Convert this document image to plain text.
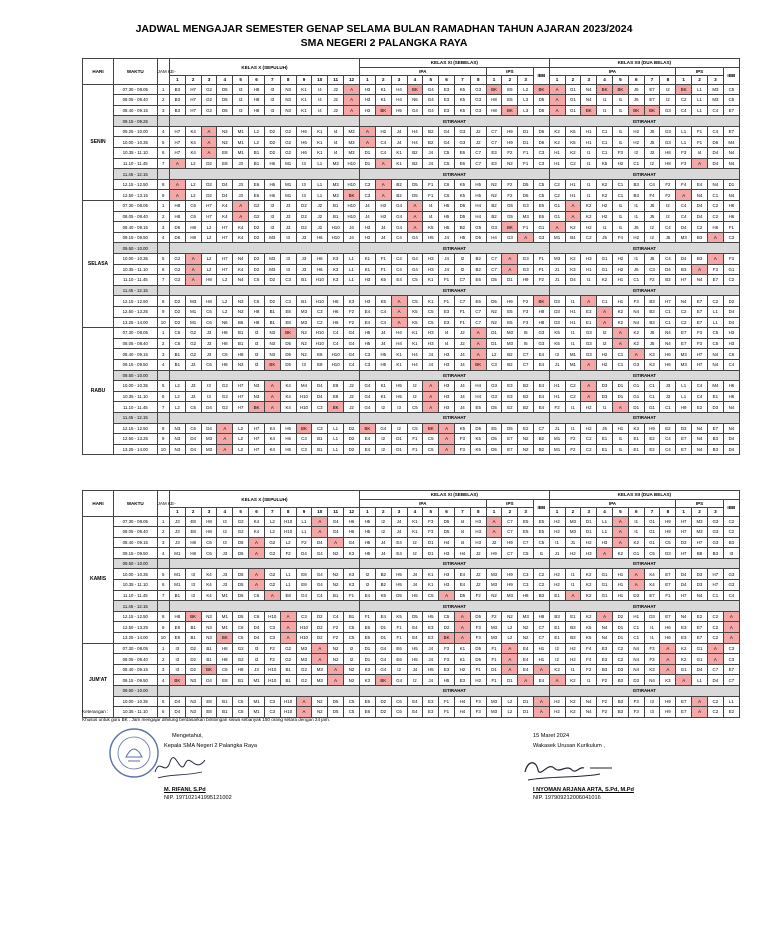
JADWAL MENGAJAR SEMESTER GENAP SELAMA BULAN RAMADHAN TAHUN AJARAN 2023/2024
SMA NEGERI 2 PALANGKA RAYA
HARI	WAKTU	JAM KE-	KELAS X (SEPULUH)												KELAS XI (SEBELAS)												KELAS XII (DUA BELAS)											
															IPA								IPS			IBB	IPA								IPS			IBB
			1	2	3	4	5	6	7	8	9	10	11	12	1	2	3	4	5	6	7	8	1	2	3		1	2	3	4	5	6	7	8	1	2	3	
SENIN	07.30 - 08.05	1	B3	H7	G2	D5	I3	H8	I3	N3	K1	I4	J2	A	H3	K1	H4	BK	G4	E3	K5	G3	BK	E5	L2	BK	A	G1	N4	BK	BK	J5	E7	I2	BK	L1	M3	C5
	08.05 - 08.40	2	B3	H7	G2	D5	I3	H8	I3	N3	K1	I4	J2	A	H3	K1	H4	N6	G4	E3	K5	G3	H8	E5	L3	D5	A	G1	N4	I1	I1	J5	E7	I2	C2	L1	M3	C5
	08.40 - 09.15	3	B3	H7	G2	D5	I3	H8	I3	N3	K1	I4	J2	A	H3	BK	H5	G4	G4	E3	K5	G3	H8	BK	L3	D5	A	G1	BK	I1	I1	BK	BK	G3	C4	L1	C4	E7
	09.15 - 09.25														ISTIRAHAT												ISTIRAHAT											
	09.25 - 10.00	4	H7	K4	A	N3	M1	L2	D2	G2	H6	K1	I4	M3	A	H2	J4	H4	B2	G4	G3	J2	C7	H9	D1	D6	K2	K5	H1	C1	I1	H2	J5	G3	L1	F1	C4	E7
	10.00 - 10.35	5	H7	K4	A	N3	M1	L2	D2	G2	H6	K1	I4	M3	A	C4	J4	H4	B2	G4	G3	J2	C7	H9	D1	D6	K2	K5	H1	C1	I1	H2	J5	G3	L1	F1	D6	M4
	10.35 - 11.10	6	H7	K4	A	E8	M1	B1	D2	G2	H6	K1	I4	M3	D1	C4	K1	B2	J4	C5	E6	C7	E3	F2	F1	C3	H1	K2	I1	C1	F3	I2	J2	H8	F3	I4	D4	N4
	11.10 - 11.45	7	A	L2	D2	E8	J3	B1	H6	M1	I3	L1	M3	H10	D1	A	K1	B2	J4	C5	E6	C7	E3	N2	F1	C3	H1	C2	I1	K5	H2	C1	I2	H8	F3	A	D4	N4
	11.45 - 12.15														ISTIRAHAT												ISTIRAHAT											
	12.15 - 12.50	8	A	L2	D2	D4	J3	E6	H6	M1	I3	L1	M3	H10	C3	A	B2	D5	F1	C6	K5	H5	N2	F2	D5	C5	C2	H1	I1	K2	C1	B3	C4	F2	F4	E4	N4	D1
	12.50 - 13.15	9	A	L2	D2	D4	J3	E6	H6	M1	I3	L1	M3	BK	C3	A	B2	D5	F1	C6	K5	H5	N2	F2	D5	C5	C2	H1	I1	K2	C1	B3	F4	F2	A	N4	C1	N4
SELASA	07.30 - 08.05	1	H8	C6	H7	K4	A	G2	I3	J3	D2	J2	B1	H10	J4	H3	G4	A	I4	H5	D5	H4	B2	G5	G3	E6	G1	A	K2	H2	I1	I1	J5	I2	C4	D4	C2	H6
	08.05 - 08.40	2	H8	C6	H7	K4	A	G2	I3	J3	D2	J2	B1	H10	J4	H3	G4	A	I4	H5	D5	H4	B2	G5	M3	E6	G1	A	K2	H2	I1	I1	J5	I2	C4	D4	C2	H6
	08.40 - 09.15	3	D6	H8	L2	H7	K4	D2	I3	J3	D2	J2	H10	J4	H3	J4	G4	A	K5	H5	B2	G5	G3	BK	F1	G1	A	K2	H2	I1	I1	J5	I2	C4	D4	C2	H6	F1
	09.15 - 09.50	4	D6	H8	L2	H7	K4	D2	M3	I3	J3	H6	H10	J4	H3	J4	C4	G4	H5	J4	H5	D5	H4	G3	A	G3	M1	B4	C2	J5	F4	H2	I2	J5	M3	B3	A	C3
	09.50 - 10.00														ISTIRAHAT												ISTIRAHAT											
	10.00 - 10.35	5	G2	A	L2	H7	N4	D2	M3	I3	J3	H6	K3	L1	K1	F1	C4	G4	H3	J4	I2	B2	C7	A	G3	F1	M3	K2	H3	G1	H2	I1	J5	C4	D4	B3	A	F3
	10.35 - 11.10	6	G2	A	L2	H7	K4	D2	M3	I3	J3	H6	K3	L1	K1	F1	C4	G4	H3	J4	I2	B2	C7	A	G3	F1	J1	K3	H1	G1	H2	J5	C3	D4	B3	A	F3	G1
	11.10 - 11.45	7	G2	A	H8	L2	N4	C6	D2	C3	B1	H10	K3	L1	H3	K5	E4	C5	K1	F1	C7	E6	D5	D1	H9	F2	J1	D4	I1	K2	H1	C1	F2	B3	H7	N4	E7	C2
	11.45 - 12.15														ISTIRAHAT												ISTIRAHAT											
	12.15 - 12.50	8	D2	M3	H8	L2	N3	C6	D2	C3	B1	H10	H6	K3	H3	K5	A	C5	K1	F1	C7	E6	D5	H9	F2	BK	D3	I1	A	C1	H1	F3	B3	H7	N4	E7	C2	D2
	12.50 - 13.25	9	D2	M1	C6	L2	N3	H8	B1	E8	M3	C3	H6	F2	E4	C4	A	K5	C5	E3	F1	C7	N2	E5	F3	H8	D3	H1	E3	A	K2	N4	B3	C1	C2	E7	L1	D4
	13.25 - 14.00	10	D2	M1	C6	N6	B6	H8	B1	E8	M3	C2	H6	F2	E4	C4	A	K5	C5	E3	F1	C7	N2	E5	F3	H8	D3	H1	E1	A	K2	N4	B3	C1	C2	E7	L1	D4
RABU	07.30 - 08.05	1	C6	G2	J3	H8	B1	I3	N3	BK	N2	H10	C4	G4	H5	J4	H4	K1	H3	I4	J2	A	D1	M3	I5	G3	K5	I1	G3	I2	A	K2	J5	N4	E7	F3	C5	H3
	08.05 - 08.40	2	C6	G2	J3	H8	B1	I3	N3	D5	N2	H10	C4	G4	H5	J4	H4	K1	H3	I4	J2	A	D1	M3	I5	G3	K5	I1	G3	I2	A	K2	J5	N4	E7	F3	C5	H3
	08.40 - 09.15	3	B1	G2	J3	C6	H8	I3	N3	D5	N2	E8	H10	G4	C3	H5	K1	H4	J4	H3	J4	A	L2	B2	C7	E4	I3	M1	G3	H2	C1	A	K3	H6	M3	H7	N4	C6
	09.15 - 09.50	4	B1	J3	C6	H8	N3	I3	BK	D5	I3	E8	H10	C4	C3	H5	K1	H4	J4	H3	J4	BK	C3	B2	C7	E4	J1	M1	A	H2	C1	G3	K3	H6	M3	H7	N4	C4
	09.50 - 10.00														ISTIRAHAT												ISTIRAHAT											
	10.00 - 10.35	5	L2	J3	I3	G2	H7	N3	A	K4	M4	D4	E8	J2	G4	K1	H5	I2	A	H3	J4	H4	G3	E3	B2	E4	H1	C2	A	D3	D1	G1	C1	J3	L1	C4	M4	H6
	10.35 - 11.10	6	L2	J3	I3	G2	H7	N3	A	K4	H10	D4	E8	J2	G4	K1	H5	I2	A	H3	J4	H4	G3	E3	B2	E4	H1	C2	A	D3	D1	G1	C1	J3	L1	C4	E1	H6
	11.10 - 11.45	7	L2	C6	D4	G2	H7	BK	A	K4	H10	C3	BK	J2	G4	I2	I3	C5	A	H3	J4	E5	D5	E2	B2	E4	F2	I1	H2	I1	A	D1	G1	C1	H9	E2	D3	N4
	11.45 - 12.15														ISTIRAHAT												ISTIRAHAT											
	12.15 - 12.50	8	N3	C6	D4	A	L2	H7	K4	H6	BK	C3	L1	D2	BK	G4	I2	C5	BK	A	K5	D5	E5	D5	E2	C7	J1	I1	H2	J5	H1	K3	H9	E2	D3	N4	E7	N4
	12.50 - 13.25	9	N3	D4	M3	A	L2	H7	K4	H6	C3	B1	L1	D2	E4	I2	D1	F1	C5	A	F3	K5	D5	E7	N2	B2	M1	F2	C2	E1	I1	E1	E2	C4	E7	N4	B3	D4
	13.25 - 14.00	10	N3	D4	M3	A	L2	H7	K4	H6	C3	B1	L1	D2	E4	I2	D1	F1	C5	A	F3	K5	D5	E7	N2	B2	M1	F2	C2	E1	I1	E1	E2	C4	E7	N4	B3	D4
HARI	WAKTU	JAM KE-	KELAS X (SEPULUH)												KELAS XI (SEBELAS)												KELAS XII (DUA BELAS)											
															IPA								IPS			IBB	IPA								IPS			IBB
			1	2	3	4	5	6	7	8	9	10	11	12	1	2	3	4	5	6	7	8	1	2	3		1	2	3	4	5	6	7	8	1	2	3	
KAMIS	07.30 - 08.05	1	J3	E8	H8	I3	G2	K4	L2	H10	L1	A	G4	H6	H5	I2	J4	K1	F3	D5	I4	H3	A	C7	E5	E5	H2	M3	D1	L1	A	I1	G1	H9	H7	M3	G3	C2
	08.05 - 08.40	2	J3	E8	H8	I3	G2	K4	L2	H10	L1	A	G4	H6	H5	I2	J4	K1	F3	D5	I4	H3	A	C7	E5	E5	H2	M3	D1	L1	A	I1	G1	H9	H7	M3	G3	C2
	08.40 - 09.15	3	J3	H8	C6	I3	D5	A	G2	L2	F2	D4	A	G4	H5	J4	E4	I2	D1	H4	I4	H3	J2	H9	C7	C5	I1	J1	H2	H3	A	K2	G1	C5	D3	H7	G3	B3
	09.15 - 09.50	4	M1	H8	C6	J3	D5	A	G2	F2	D4	G4	N2	K3	H5	J4	E4	I2	D1	H3	H4	J2	H9	C7	C5	I1	J1	H2	H3	A	K2	G1	C5	D3	H7	B8	B3	I3
	09.50 - 10.00														ISTIRAHAT												ISTIRAHAT											
	10.00 - 10.35	5	M1	I3	K4	J3	D5	A	G2	L1	E8	G4	N2	K3	I2	B2	H5	J4	K1	H3	E4	J2	M3	H9	C3	C2	H2	I1	K2	G1	H1	A	K4	E7	D4	D3	H7	G3
	10.35 - 11.10	6	M1	I3	K4	J3	D5	A	G2	L1	E8	G4	N2	K3	I2	B2	H5	J4	K1	H3	E4	J2	M3	H9	C3	C2	H2	I1	K2	G1	H1	A	K4	E7	D4	D3	H7	G3
	11.10 - 11.45	7	B1	I3	K4	M1	D5	C6	A	E8	G4	C4	B1	F1	E4	K5	D5	H5	C5	A	D5	F2	N2	M3	H8	B3	E1	A	K2	G1	H1	D3	E7	F1	H7	N4	C1	C4
	11.45 - 12.15														ISTIRAHAT												ISTIRAHAT											
	12.15 - 12.50	8	H8	BK	N3	M1	D5	C6	H10	A	C3	D2	C4	B1	F1	E4	K5	D5	H5	C5	A	D5	F2	N2	M3	H8	B3	E1	K2	A	D2	H1	D3	E7	N4	E2	C2	A
	12.50 - 13.25	9	E8	B1	N3	M1	C6	D4	C3	A	H10	D2	F2	C5	E6	D1	F1	E4	E3	D2	A	F3	M3	L2	N2	C7	E1	B3	K5	N4	D1	C1	I1	H6	E3	E7	C2	A
	13.25 - 14.00	10	E8	B1	N3	BK	C6	D4	C3	A	H10	D2	F2	C5	E6	D1	F1	E4	E3	BK	A	F3	M3	L2	N2	C7	E1	B3	K5	N4	D1	C1	I1	H6	E3	E7	C2	A
JUM'AT	07.30 - 08.05	1	I3	D2	B1	H8	G2	I3	F2	G2	M3	A	N2	I2	D1	G4	E6	H5	J4	F3	K1	D5	F1	A	E4	H1	I2	H2	F4	E3	C2	N4	F3	A	K2	G1	A	C3
	08.05 - 08.40	2	I3	D2	B1	H8	G2	I3	F2	G2	M3	A	N2	I2	D1	G4	E6	H5	J4	F3	K1	D5	F1	A	E4	H1	I2	H2	F4	E3	C2	N4	F3	A	K2	G1	A	C3
	08.40 - 09.15	3	I3	D2	BK	C6	H8	J3	H10	B1	G2	M3	A	N2	K3	G4	I2	J4	H5	E3	H2	F1	D1	A	E4	A	K2	I1	F2	B3	D3	N4	K3	A	G1	D4	C7	E7
	09.15 - 09.50	4	BK	N3	D4	E8	B1	M1	H10	B1	G2	M3	A	N2	K3	BK	G4	I2	J4	H5	E3	H2	F1	D1	A	E4	A	K2	I1	F2	B3	D3	N4	K3	A	L1	D4	C7
	09.50 - 10.00														ISTIRAHAT												ISTIRAHAT											
	10.00 - 10.35	5	D4	N3	E8	B1	C6	M1	C3	H10	A	N2	D5	C5	E6	D2	C6	E4	E3	F1	H4	F3	M3	L2	D1	A	H2	K2	N4	F2	B3	F3	I3	H9	E7	A	C2	L1
	10.35 - 11.10	6	D4	N3	E8	B1	C6	M1	C3	H10	A	N2	D5	C5	E6	D2	C6	E4	E3	F1	H4	F3	M3	L2	D1	A	H2	K2	N4	F2	B3	F3	I3	H9	E7	A	C2	E2
Keterangan :
Khusus untuk guru BK , Jam mengajar dihitung berdasarkan bimbingan siswa sebanyak 150 orang setara dengan 24 jam.
Mengetahui,
Kepala SMA Negeri 2 Palangka Raya
M. RIFANI, S.Pd
NIP. 197102141995121002
15 Maret 2024
Wakasek Urusan Kurikulum ,
I NYOMAN ARJANA ARTA, S.Pd, M.Pd
NIP. 197909212006041016
